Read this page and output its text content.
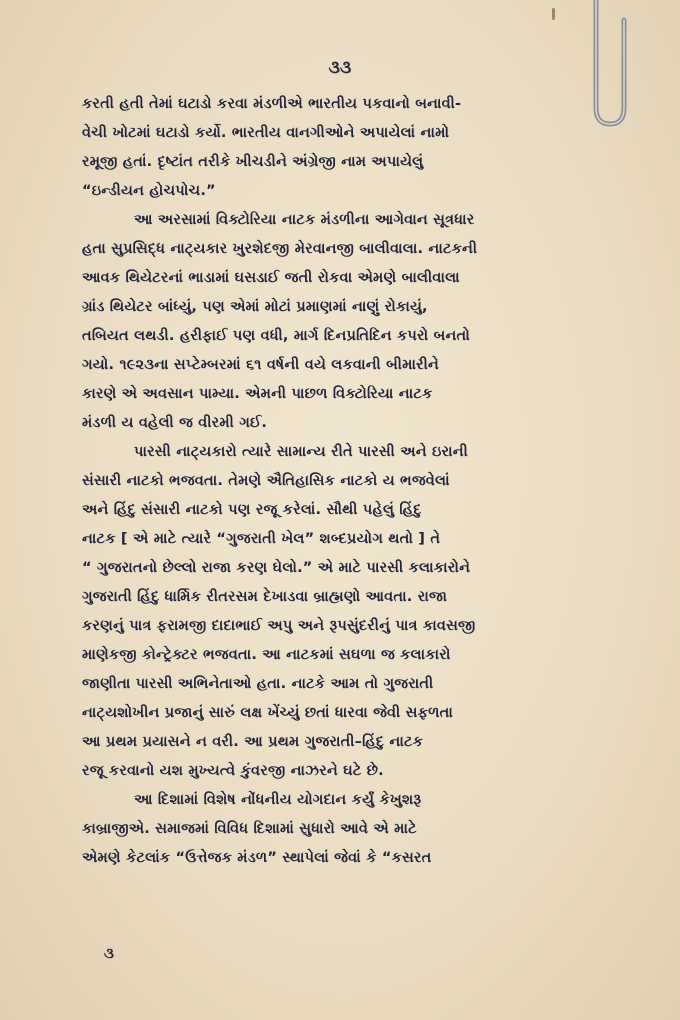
૩૩
કરતી હતી તેમાં ઘટાડો કરવા મંડળીએ ભારતીય પકવાનો બનાવી-
વેચી ખોટમાં ઘટાડો કર્યો. ભારતીય વાનગીઓને અપાયેલાં નામો
રમૂજી હતાં. દૃષ્ટાંત તરીકે ખીચડીને અંગ્રેજી નામ અપાયેલું
“ઇન્ડીયન હોચપોચ.”
આ અરસામાં વિક્ટોરિયા નાટક મંડળીના આગેવાન સૂત્રધાર
હતા સુપ્રસિદ્ધ નાટ્યકાર ખુરશેદજી મેરવાનજી બાલીવાલા. નાટકની
આવક થિયેટરનાં ભાડામાં ઘસડાઈ જતી રોકવા એમણે બાલીવાલા
ગ્રાંડ થિયેટર બાંધ્યું, પણ એમાં મોટાં પ્રમાણમાં નાણું રોકાયું,
તબિયત લથડી. હરીફાઈ પણ વધી, માર્ગ દિનપ્રતિદિન કપરો બનતો
ગયો. ૧૯૨૩ના સપ્ટેમ્બરમાં ૬૧ વર્ષની વયે લકવાની બીમારીને
કારણે એ અવસાન પામ્યા. એમની પાછળ વિક્ટોરિયા નાટક
મંડળી ય વહેલી જ વીરમી ગઈ.
પારસી નાટ્યકારો ત્યારે સામાન્ય રીતે પારસી અને ઇરાની
સંસારી નાટકો ભજવતા. તેમણે ઐતિહાસિક નાટકો ય ભજવેલાં
અને હિંદુ સંસારી નાટકો પણ રજૂ કરેલાં. સૌથી પહેલું હિંદુ
નાટક [ એ માટે ત્યારે “ગુજરાતી ખેલ” શબ્દપ્રયોગ થતો ] તે
“ ગુજરાતનો છેલ્લો રાજા કરણ ઘેલો.” એ માટે પારસી કલાકારોને
ગુજરાતી હિંદુ ધાર્મિક રીતરસમ દેખાડવા બ્રાહ્મણો આવતા. રાજા
કરણનું પાત્ર ફરામજી દાદાભાઈ અપુ અને રૂપસુંદરીનું પાત્ર કાવસજી
માણેકજી કોન્ટ્રેક્ટર ભજવતા. આ નાટકમાં સઘળા જ કલાકારો
જાણીતા પારસી અભિનેતાઓ હતા. નાટકે આમ તો ગુજરાતી
નાટ્યશોખીન પ્રજાનું સારું લક્ષ ખેંચ્યું છતાં ધારવા જેવી સફળતા
આ પ્રથમ પ્રયાસને ન વરી. આ પ્રથમ ગુજરાતી–હિંદુ નાટક
રજૂ કરવાનો યશ મુખ્યત્વે કુંવરજી નાઝરને ઘટે છે.
આ દિશામાં વિશેષ નોંધનીય યોગદાન કર્યું કેખુશરૂ
કાબ્રાજીએ. સમાજમાં વિવિધ દિશામાં સુધારો આવે એ માટે
એમણે કેટલાંક “ઉત્તેજક મંડળ” સ્થાપેલાં જેવાં કે “કસરત
૩
